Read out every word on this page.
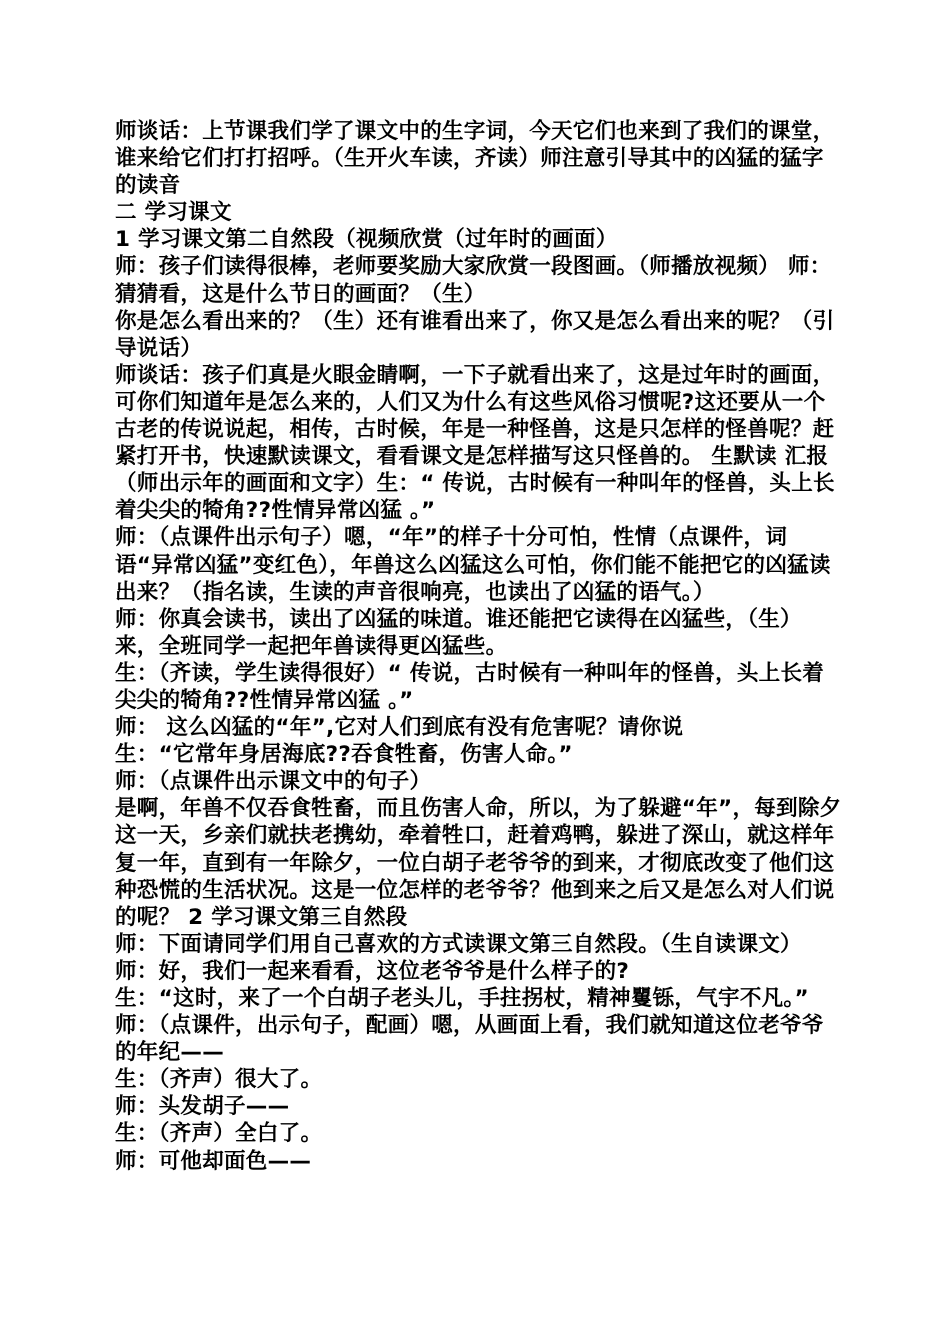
师谈话：上节课我们学了课文中的生字词，今天它们也来到了我们的课堂，谁来给它们打打招呼。（生开火车读，齐读）师注意引导其中的凶猛的猛字的读音

二 学习课文

1 学习课文第二自然段（视频欣赏（过年时的画面）

师：孩子们读得很棒，老师要奖励大家欣赏一段图画。（师播放视频） 师：猜猜看，这是什么节日的画面？（生）

你是怎么看出来的？（生）还有谁看出来了，你又是怎么看出来的呢？（引导说话）

师谈话：孩子们真是火眼金睛啊，一下子就看出来了，这是过年时的画面，可你们知道年是怎么来的，人们又为什么有这些风俗习惯呢?这还要从一个古老的传说说起，相传，古时候，年是一种怪兽，这是只怎样的怪兽呢？赶紧打开书，快速默读课文，看看课文是怎样描写这只怪兽的。 生默读 汇报（师出示年的画面和文字）生：“ 传说，古时候有一种叫年的怪兽，头上长着尖尖的犄角??性情异常凶猛 。”

师：（点课件出示句子）嗯，“年”的样子十分可怕，性情（点课件，词语“异常凶猛”变红色），年兽这么凶猛这么可怕，你们能不能把它的凶猛读出来？（指名读，生读的声音很响亮，也读出了凶猛的语气。）

师：你真会读书，读出了凶猛的味道。谁还能把它读得在凶猛些，（生）来，全班同学一起把年兽读得更凶猛些。

生：（齐读，学生读得很好）“ 传说，古时候有一种叫年的怪兽，头上长着尖尖的犄角??性情异常凶猛 。”

师： 这么凶猛的“年”,它对人们到底有没有危害呢？请你说

生：“它常年身居海底??吞食牲畜，伤害人命。”

师：（点课件出示课文中的句子）

是啊，年兽不仅吞食牲畜，而且伤害人命，所以，为了躲避“年”，每到除夕这一天，乡亲们就扶老携幼，牵着牲口，赶着鸡鸭，躲进了深山，就这样年复一年，直到有一年除夕，一位白胡子老爷爷的到来，才彻底改变了他们这种恐慌的生活状况。这是一位怎样的老爷爷？他到来之后又是怎么对人们说的呢？ 2 学习课文第三自然段

师：下面请同学们用自己喜欢的方式读课文第三自然段。（生自读课文） 师：好，我们一起来看看，这位老爷爷是什么样子的?

生：“这时，来了一个白胡子老头儿，手拄拐杖，精神矍铄，气宇不凡。” 师：（点课件，出示句子，配画）嗯，从画面上看，我们就知道这位老爷爷的年纪——

生：（齐声）很大了。

师：头发胡子——

生：（齐声）全白了。

师：可他却面色——
